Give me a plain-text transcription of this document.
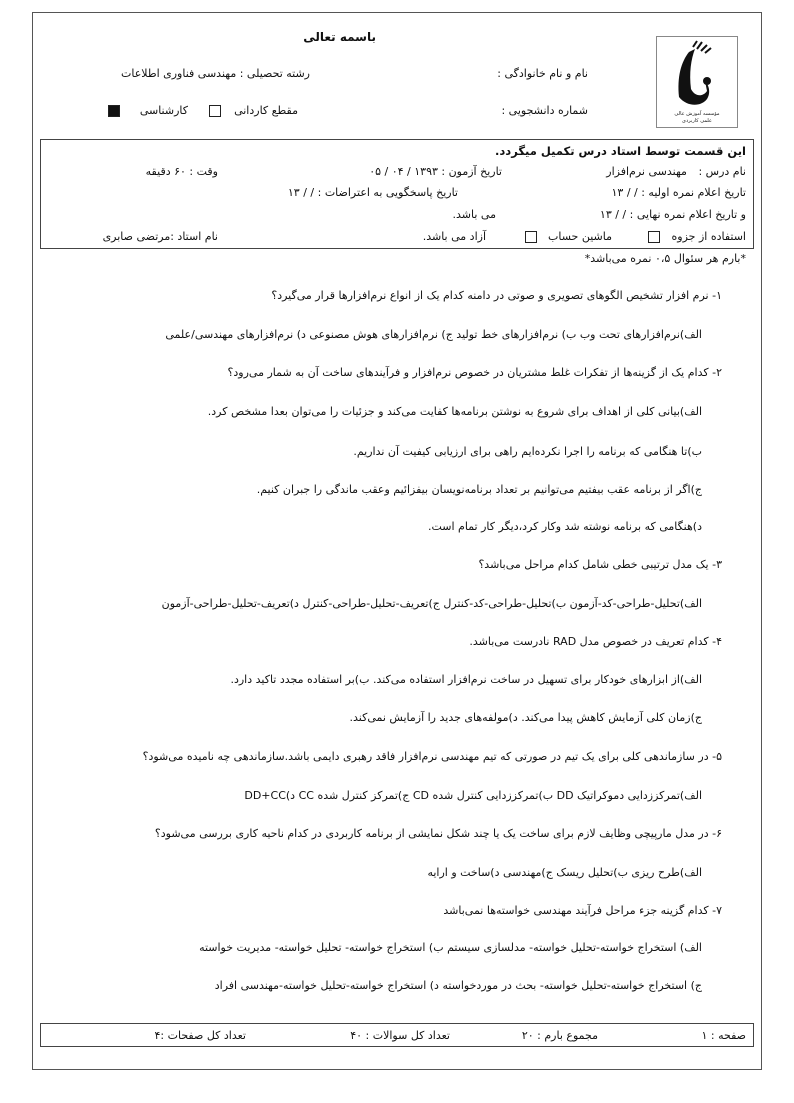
باسمه تعالی
نام و نام خانوادگی :
رشته تحصیلی : مهندسی فناوری اطلاعات
شماره دانشجویی :
مقطع کاردانی
کارشناسی	مؤسسه آموزش عالی
علمی کاربردی
این قسمت توسط استاد درس تکمیل میگردد.
نام درس : مهندسی نرم‌افزار
تاریخ آزمون : ۱۳۹۳ / ۰۴ / ۰۵
وقت : ۶۰ دقیقه
تاریخ اعلام نمره اولیه : / / ۱۳
تاریخ پاسخگویی به اعتراضات : / / ۱۳
و تاریخ اعلام نمره نهایی : / / ۱۳
می باشد.
استفاده از جزوه
ماشین حساب
آزاد می باشد.
نام استاد :مرتضی صابری
*بارم هر سئوال ۰،۵ نمره می‌باشد*
۱- نرم افزار تشخیص الگوهای تصویری و صوتی در دامنه کدام یک از انواع نرم‌افزارها قرار می‌گیرد؟
الف)نرم‌افزارهای تحت وب ب) نرم‌افزارهای خط تولید ج) نرم‌افزارهای هوش مصنوعی د) نرم‌افزارهای مهندسی/علمی
۲- کدام یک از گزینه‌ها از تفکرات غلط مشتریان در خصوص نرم‌افزار و فرآیندهای ساخت آن به شمار می‌رود؟
الف)بیانی کلی از اهداف برای شروع به نوشتن برنامه‌ها کفایت می‌کند و جزئیات را می‌توان بعدا مشخص کرد.
ب)تا هنگامی که برنامه را اجرا نکرده‌ایم راهی برای ارزیابی کیفیت آن نداریم.
ج)اگر از برنامه عقب بیفتیم می‌توانیم بر تعداد برنامه‌نویسان بیفزائیم وعقب ماندگی را جبران کنیم.
د)هنگامی که برنامه نوشته شد وکار کرد،دیگر کار تمام است.
۳- یک مدل ترتیبی خطی شامل کدام مراحل می‌باشد؟
الف)تحلیل-طراحی-کد-آزمون ب)تحلیل-طراحی-کد-کنترل ج)تعریف-تحلیل-طراحی-کنترل د)تعریف-تحلیل-طراحی-آزمون
۴- کدام تعریف در خصوص مدل RAD نادرست می‌باشد.
الف)از ابزارهای خودکار برای تسهیل در ساخت نرم‌افزار استفاده می‌کند. ب)بر استفاده مجدد تاکید دارد.
ج)زمان کلی آزمایش کاهش پیدا می‌کند. د)مولفه‌های جدید را آزمایش نمی‌کند.
۵- در سازماندهی کلی برای یک تیم در صورتی که تیم مهندسی نرم‌افزار فاقد رهبری دایمی باشد.سازماندهی چه نامیده می‌شود؟
الف)تمرکززدایی دموکراتیک DD ب)تمرکززدایی کنترل شده CD ج)تمرکز کنترل شده CC د)DD+CC
۶- در مدل مارپیچی وظایف لازم برای ساخت یک یا چند شکل نمایشی از برنامه کاربردی در کدام ناحیه کاری بررسی می‌شود؟
الف)طرح ریزی ب)تحلیل ریسک ج)مهندسی د)ساخت و ارایه
۷- کدام گزینه جزء مراحل فرآیند مهندسی خواسته‌ها نمی‌باشد
الف) استخراج خواسته-تحلیل خواسته- مدلسازی سیستم ب) استخراج خواسته- تحلیل خواسته- مدیریت خواسته
ج) استخراج خواسته-تحلیل خواسته- بحث در موردخواسته د) استخراج خواسته-تحلیل خواسته-مهندسی افراد
صفحه : ۱
مجموع بارم : ۲۰
تعداد کل سوالات : ۴۰
تعداد کل صفحات :۴
